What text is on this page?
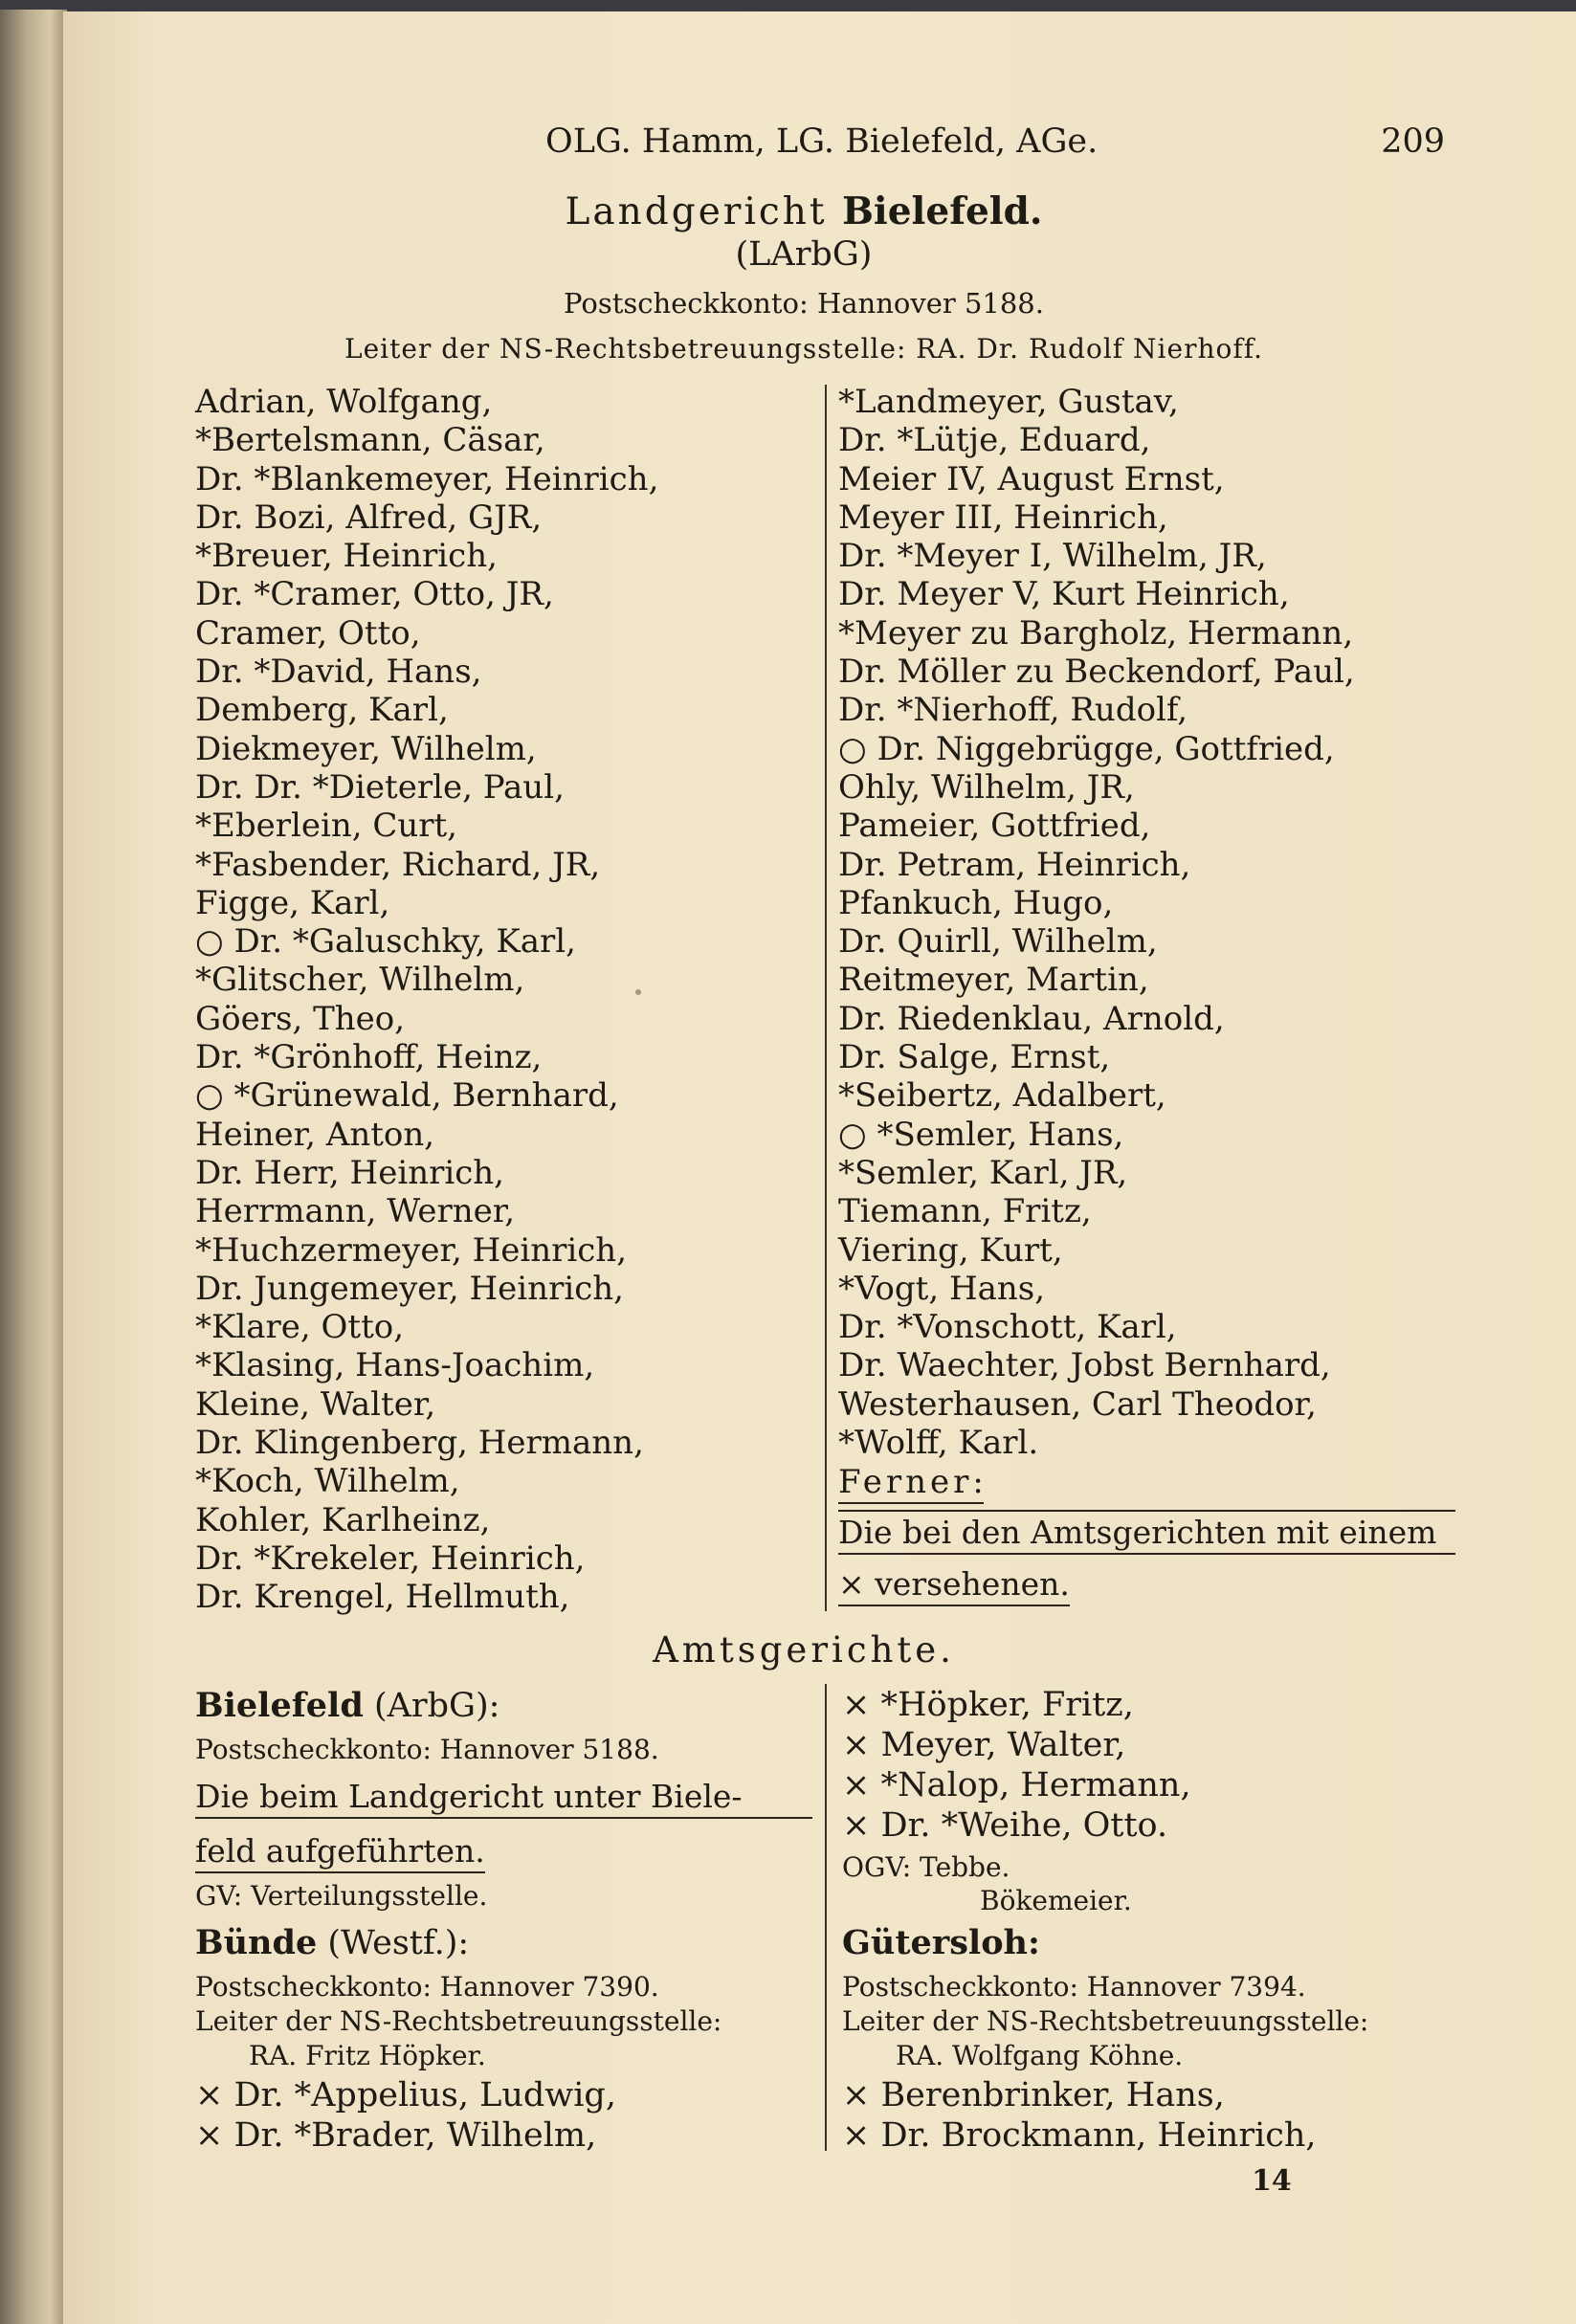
OLG. Hamm, LG. Bielefeld, AGe.	209
Landgericht Bielefeld.
(LArbG)
Postscheckkonto: Hannover 5188.
Leiter der NS-Rechtsbetreuungsstelle: RA. Dr. Rudolf Nierhoff.
Adrian, Wolfgang,
*Bertelsmann, Cäsar,
Dr. *Blankemeyer, Heinrich,
Dr. Bozi, Alfred, GJR,
*Breuer, Heinrich,
Dr. *Cramer, Otto, JR,
Cramer, Otto,
Dr. *David, Hans,
Demberg, Karl,
Diekmeyer, Wilhelm,
Dr. Dr. *Dieterle, Paul,
*Eberlein, Curt,
*Fasbender, Richard, JR,
Figge, Karl,
○ Dr. *Galuschky, Karl,
*Glitscher, Wilhelm,
Göers, Theo,
Dr. *Grönhoff, Heinz,
○ *Grünewald, Bernhard,
Heiner, Anton,
Dr. Herr, Heinrich,
Herrmann, Werner,
*Huchzermeyer, Heinrich,
Dr. Jungemeyer, Heinrich,
*Klare, Otto,
*Klasing, Hans-Joachim,
Kleine, Walter,
Dr. Klingenberg, Hermann,
*Koch, Wilhelm,
Kohler, Karlheinz,
Dr. *Krekeler, Heinrich,
Dr. Krengel, Hellmuth,
*Landmeyer, Gustav,
Dr. *Lütje, Eduard,
Meier IV, August Ernst,
Meyer III, Heinrich,
Dr. *Meyer I, Wilhelm, JR,
Dr. Meyer V, Kurt Heinrich,
*Meyer zu Bargholz, Hermann,
Dr. Möller zu Beckendorf, Paul,
Dr. *Nierhoff, Rudolf,
○ Dr. Niggebrügge, Gottfried,
Ohly, Wilhelm, JR,
Pameier, Gottfried,
Dr. Petram, Heinrich,
Pfankuch, Hugo,
Dr. Quirll, Wilhelm,
Reitmeyer, Martin,
Dr. Riedenklau, Arnold,
Dr. Salge, Ernst,
*Seibertz, Adalbert,
○ *Semler, Hans,
*Semler, Karl, JR,
Tiemann, Fritz,
Viering, Kurt,
*Vogt, Hans,
Dr. *Vonschott, Karl,
Dr. Waechter, Jobst Bernhard,
Westerhausen, Carl Theodor,
*Wolff, Karl.
Ferner:
Die bei den Amtsgerichten mit einem
× versehenen.
Amtsgerichte.
Bielefeld (ArbG):
Postscheckkonto: Hannover 5188.
Die beim Landgericht unter Biele-
feld aufgeführten.
GV: Verteilungsstelle.
Bünde (Westf.):
Postscheckkonto: Hannover 7390.
Leiter der NS-Rechtsbetreuungsstelle:
RA. Fritz Höpker.
× Dr. *Appelius, Ludwig,
× Dr. *Brader, Wilhelm,
× *Höpker, Fritz,
× Meyer, Walter,
× *Nalop, Hermann,
× Dr. *Weihe, Otto.
OGV: Tebbe.
Bökemeier.
Gütersloh:
Postscheckkonto: Hannover 7394.
Leiter der NS-Rechtsbetreuungsstelle:
RA. Wolfgang Köhne.
× Berenbrinker, Hans,
× Dr. Brockmann, Heinrich,
14
